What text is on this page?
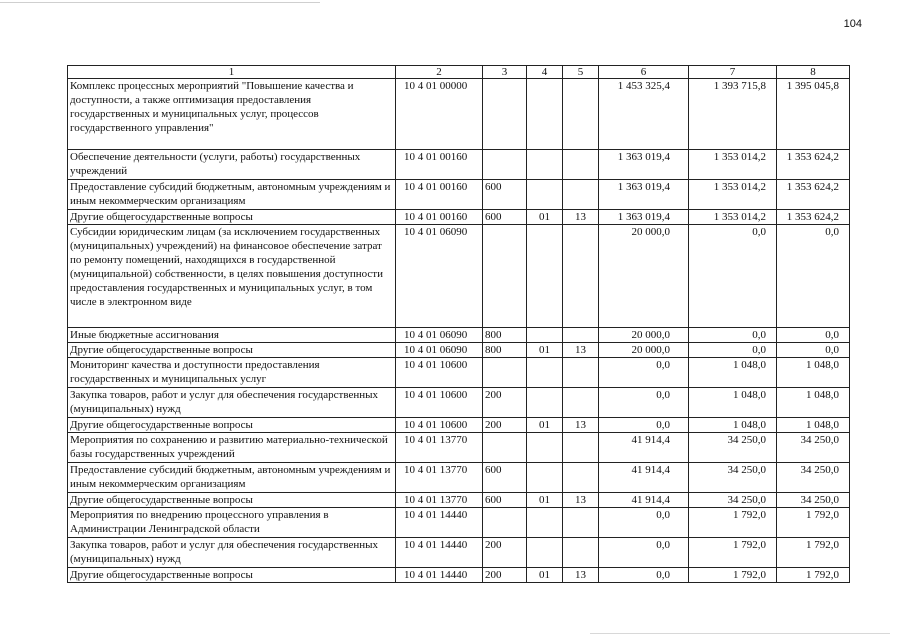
104
1	2	3	4	5	6	7	8
Комплекс процессных мероприятий "Повышение качества и доступности, а также оптимизация предоставления государственных и муниципальных услуг, процессов государственного управления"	10 4 01 00000				1 453 325,4	1 393 715,8	1 395 045,8
Обеспечение деятельности (услуги, работы) государственных учреждений	10 4 01 00160				1 363 019,4	1 353 014,2	1 353 624,2
Предоставление субсидий бюджетным, автономным учреждениям и иным некоммерческим организациям	10 4 01 00160	600			1 363 019,4	1 353 014,2	1 353 624,2
Другие общегосударственные вопросы	10 4 01 00160	600	01	13	1 363 019,4	1 353 014,2	1 353 624,2
Субсидии юридическим лицам (за исключением государственных (муниципальных) учреждений) на финансовое обеспечение затрат по ремонту помещений, находящихся в государственной (муниципальной) собственности, в целях повышения доступности предоставления государственных и муниципальных услуг, в том числе в электронном виде	10 4 01 06090				20 000,0	0,0	0,0
Иные бюджетные ассигнования	10 4 01 06090	800			20 000,0	0,0	0,0
Другие общегосударственные вопросы	10 4 01 06090	800	01	13	20 000,0	0,0	0,0
Мониторинг качества и доступности предоставления государственных и муниципальных услуг	10 4 01 10600				0,0	1 048,0	1 048,0
Закупка товаров, работ и услуг для обеспечения государственных (муниципальных) нужд	10 4 01 10600	200			0,0	1 048,0	1 048,0
Другие общегосударственные вопросы	10 4 01 10600	200	01	13	0,0	1 048,0	1 048,0
Мероприятия по сохранению и развитию материально-технической базы государственных учреждений	10 4 01 13770				41 914,4	34 250,0	34 250,0
Предоставление субсидий бюджетным, автономным учреждениям и иным некоммерческим организациям	10 4 01 13770	600			41 914,4	34 250,0	34 250,0
Другие общегосударственные вопросы	10 4 01 13770	600	01	13	41 914,4	34 250,0	34 250,0
Мероприятия по внедрению процессного управления в Администрации Ленинградской области	10 4 01 14440				0,0	1 792,0	1 792,0
Закупка товаров, работ и услуг для обеспечения государственных (муниципальных) нужд	10 4 01 14440	200			0,0	1 792,0	1 792,0
Другие общегосударственные вопросы	10 4 01 14440	200	01	13	0,0	1 792,0	1 792,0
